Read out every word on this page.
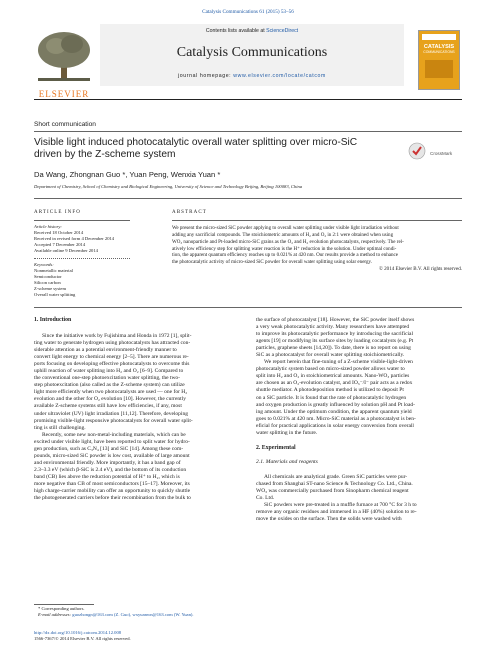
Catalysis Communications 61 (2015) 53–56
ELSEVIER
Contents lists available at ScienceDirect
Catalysis Communications
journal homepage: www.elsevier.com/locate/catcom
CATALYSIS
COMMUNICATIONS
Short communication
Visible light induced photocatalytic overall water splitting over micro-SiC
driven by the Z-scheme system	CrossMark
Da Wang, Zhongnan Guo *, Yuan Peng, Wenxia Yuan *
Department of Chemistry, School of Chemistry and Biological Engineering, University of Science and Technology Beijing, Beijing 100083, China
ARTICLE INFO
Article history:
Received 18 October 2014
Received in revised form 4 December 2014
Accepted 7 December 2014
Available online 9 December 2014
Keywords:
Nonmetallic material
Semiconductor
Silicon carbon
Z-scheme system
Overall water splitting
ABSTRACT
We present the micro-sized SiC powder applying to overall water splitting under visible light irradiation without
adding any sacrificial compounds. The stoichiometric amounts of H₂ and O₂ in 2:1 were obtained when using
WO₃ nanoparticle and Pt-loaded micro-SiC grains as the O₂ and H₂ evolution photocatalysts, respectively. The rel-
atively low efficiency step for splitting water reaction is the H⁺ reduction in the solution. Under optimal condi-
tion, the apparent quantum efficiency reaches up to 0.021% at 420 nm. Our results provide a method to enhance
the photocatalytic activity of micro-sized SiC powder for overall water splitting using solar energy.
© 2014 Elsevier B.V. All rights reserved.
1. Introduction
Since the initiative work by Fujishima and Honda in 1972 [1], split-
ting water to generate hydrogen using photocatalysts has attracted con-
siderable attention as a potential environment-friendly manner to
convert light energy to chemical energy [2–5]. There are numerous re-
ports focusing on developing effective photocatalysts to overcome this
uphill reaction of water splitting into H₂ and O₂ [6–9]. Compared to
the conventional one-step photoexcitation water splitting, the two-
step photoexcitation (also called as the Z-scheme system) can utilize
light more efficiently when two photocatalysts are used — one for H₂
evolution and the other for O₂ evolution [10]. However, the currently
available Z-scheme systems still have low efficiencies, if any, most
under ultraviolet (UV) light irradiation [11,12]. Therefore, developing
promising visible-light responsive photocatalysts for overall water split-
ting is still challenging.
Recently, some new non-metal-including materials, which can be
excited under visible light, have been reported to split water for hydro-
gen production, such as C₃N₄ [13] and SiC [14]. Among these com-
pounds, micro-sized SiC powder is low cost, available of large amount
and environmental friendly. More importantly, it has a band gap of
2.3–3.3 eV (which β-SiC is 2.4 eV), and the bottom of its conduction
band (CB) lies above the reduction potential of H⁺ to H₂, which is
more negative than CB of most semiconductors [15–17]. Moreover, its
high charge-carrier mobility can offer an opportunity to quickly shuttle
the photogenerated carriers before their recombination from the bulk to
* Corresponding authors.
E-mail addresses: guozhongn@163.com (Z. Guo), wxyuanwn@163.com (W. Yuan).
http://dx.doi.org/10.1016/j.catcom.2014.12.008
1566-7367/© 2014 Elsevier B.V. All rights reserved.
the surface of photocatalyst [18]. However, the SiC powder itself shows
a very weak photocatalytic activity. Many researchers have attempted
to improve its photocatalytic performance by introducing the sacrificial
agents [19] or modifying its surface sites by loading cocatalysts (e.g. Pt
particles, graphene sheets [14,20]). To date, there is no report on using
SiC as a photocatalyst for overall water splitting stoichiometrically.
We report herein that fine-tuning of a Z-scheme visible-light-driven
photocatalytic system based on micro-sized powder allows water to
split into H₂ and O₂ in stoichiometrical amounts. Nano-WO₃ particles
are chosen as an O₂-evolution catalyst, and IO₃⁻/I⁻ pair acts as a redox
shuttle mediator. A photodeposition method is utilized to deposit Pt
on a SiC particle. It is found that the rate of photocatalytic hydrogen
and oxygen production is greatly influenced by solution pH and Pt load-
ing amount. Under the optimum condition, the apparent quantum yield
goes to 0.021% at 420 nm. Micro-SiC material as a photocatalyst is ben-
eficial for practical applications in solar energy conversion from overall
water splitting in the future.
2. Experimental
2.1. Materials and reagents
All chemicals are analytical grade. Green SiC particles were pur-
chased from Shanghai ST-nano Science & Technology Co. Ltd., China.
WO₃ was commercially purchased from Sinopharm chemical reagent
Co. Ltd.
SiC powders were pre-treated in a muffle furnace at 700 °C for 3 h to
remove any organic residues and immersed in a HF (40%) solution to re-
move the oxides on the surface. Then the solids were washed with
